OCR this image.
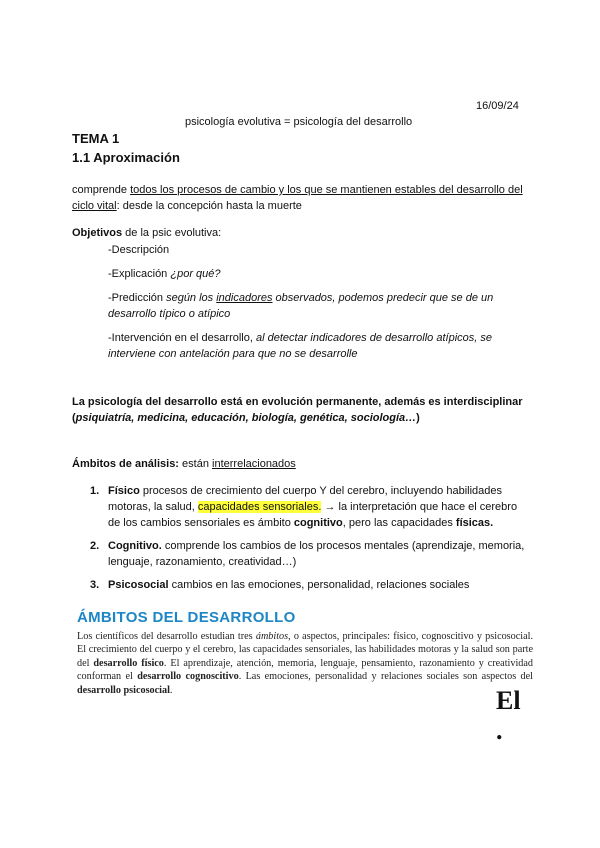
16/09/24
psicología evolutiva = psicología del desarrollo
TEMA 1
1.1 Aproximación
comprende todos los procesos de cambio y los que se mantienen estables del desarrollo del ciclo vital: desde la concepción hasta la muerte
Objetivos de la psic evolutiva:
-Descripción
-Explicación ¿por qué?
-Predicción según los indicadores observados, podemos predecir que se de un desarrollo típico o atípico
-Intervención en el desarrollo, al detectar indicadores de desarrollo atípicos, se interviene con antelación para que no se desarrolle
La psicología del desarrollo está en evolución permanente, además es interdisciplinar
(psiquiatría, medicina, educación, biología, genética, sociología…)
Ámbitos de análisis: están interrelacionados
1. Físico procesos de crecimiento del cuerpo Y del cerebro, incluyendo habilidades motoras, la salud, capacidades sensoriales. → la interpretación que hace el cerebro de los cambios sensoriales es ámbito cognitivo, pero las capacidades físicas.
2. Cognitivo. comprende los cambios de los procesos mentales (aprendizaje, memoria, lenguaje, razonamiento, creatividad…)
3. Psicosocial cambios en las emociones, personalidad, relaciones sociales
ÁMBITOS DEL DESARROLLO
Los científicos del desarrollo estudian tres ámbitos, o aspectos, principales: físico, cognoscitivo y psicosocial. El crecimiento del cuerpo y el cerebro, las capacidades sensoriales, las habilidades motoras y la salud son parte del desarrollo físico. El aprendizaje, atención, memoria, lenguaje, pensamiento, razonamiento y creatividad conforman el desarrollo cognoscitivo. Las emociones, personalidad y relaciones sociales son aspectos del desarrollo psicosocial.	El .
